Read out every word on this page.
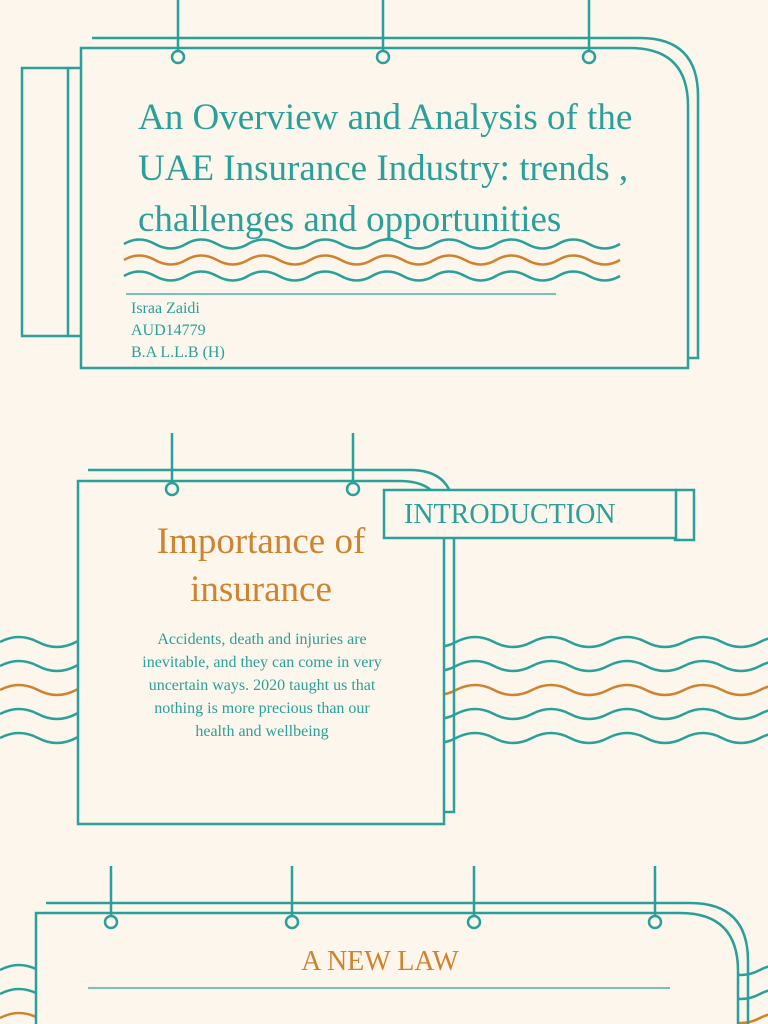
An Overview and Analysis of the UAE Insurance Industry: trends , challenges and opportunities
Israa Zaidi
AUD14779
B.A L.L.B (H)
INTRODUCTION
Importance of
insurance
Accidents, death and injuries are inevitable, and they can come in very uncertain ways. 2020 taught us that nothing is more precious than our health and wellbeing
A NEW LAW
